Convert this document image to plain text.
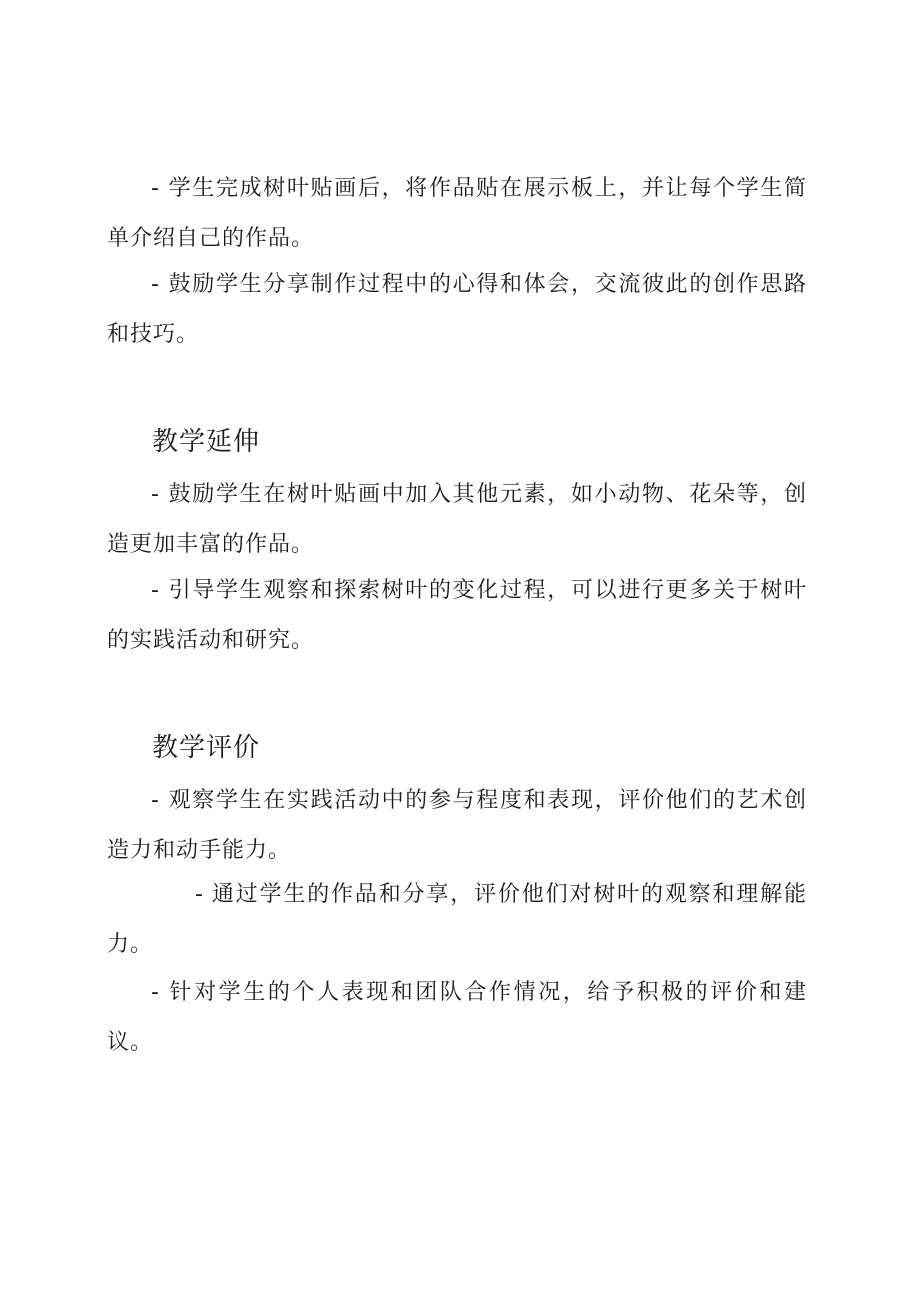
- 学生完成树叶贴画后，将作品贴在展示板上，并让每个学生简单介绍自己的作品。

- 鼓励学生分享制作过程中的心得和体会，交流彼此的创作思路和技巧。

教学延伸

- 鼓励学生在树叶贴画中加入其他元素，如小动物、花朵等，创造更加丰富的作品。

- 引导学生观察和探索树叶的变化过程，可以进行更多关于树叶的实践活动和研究。

教学评价

- 观察学生在实践活动中的参与程度和表现，评价他们的艺术创造力和动手能力。

- 通过学生的作品和分享，评价他们对树叶的观察和理解能力。

- 针对学生的个人表现和团队合作情况，给予积极的评价和建议。
